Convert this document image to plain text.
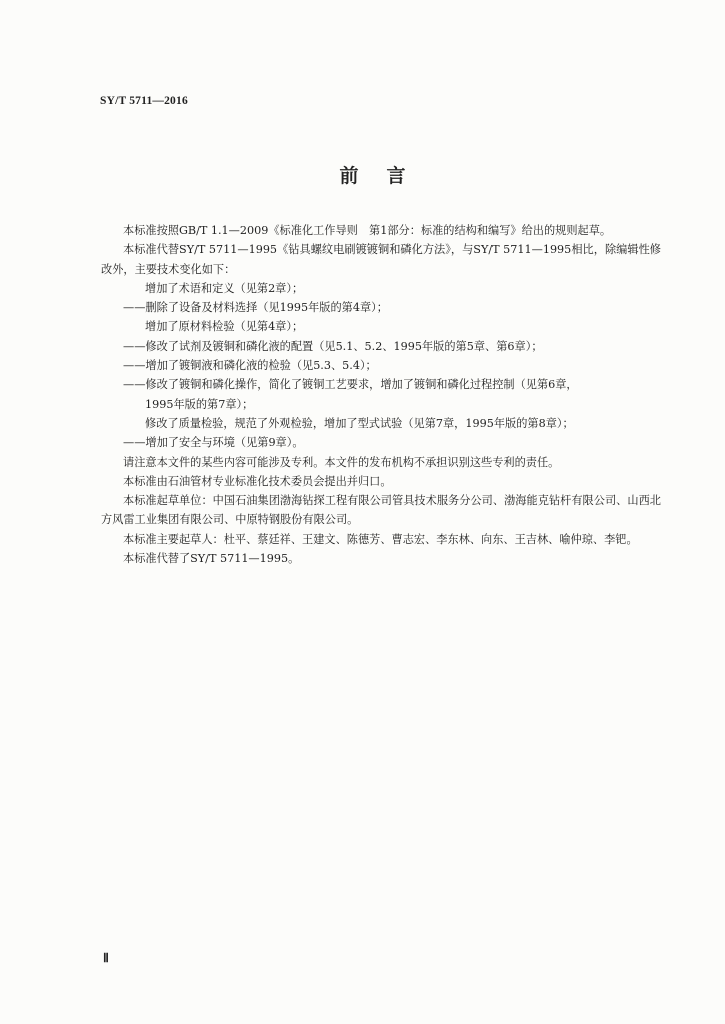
SY/T 5711—2016
前言

本标准按照GB/T 1.1—2009《标准化工作导则　第1部分：标准的结构和编写》给出的规则起草。

本标准代替SY/T 5711—1995《钻具螺纹电刷镀镀铜和磷化方法》，与SY/T 5711—1995相比，除编辑性修改外，主要技术变化如下：

增加了术语和定义（见第2章）；

——删除了设备及材料选择（见1995年版的第4章）；

增加了原材料检验（见第4章）；

——修改了试剂及镀铜和磷化液的配置（见5.1、5.2、1995年版的第5章、第6章）；

——增加了镀铜液和磷化液的检验（见5.3、5.4）；

——修改了镀铜和磷化操作，简化了镀铜工艺要求，增加了镀铜和磷化过程控制（见第6章，

1995年版的第7章）；

修改了质量检验，规范了外观检验，增加了型式试验（见第7章，1995年版的第8章）；

——增加了安全与环境（见第9章）。

请注意本文件的某些内容可能涉及专利。本文件的发布机构不承担识别这些专利的责任。

本标准由石油管材专业标准化技术委员会提出并归口。

本标准起草单位：中国石油集团渤海钻探工程有限公司管具技术服务分公司、渤海能克钻杆有限公司、山西北方风雷工业集团有限公司、中原特钢股份有限公司。

本标准主要起草人：杜平、蔡廷祥、王建文、陈德芳、曹志宏、李东林、向东、王吉林、喻仲琼、李钯。

本标准代替了SY/T 5711—1995。

Ⅱ
